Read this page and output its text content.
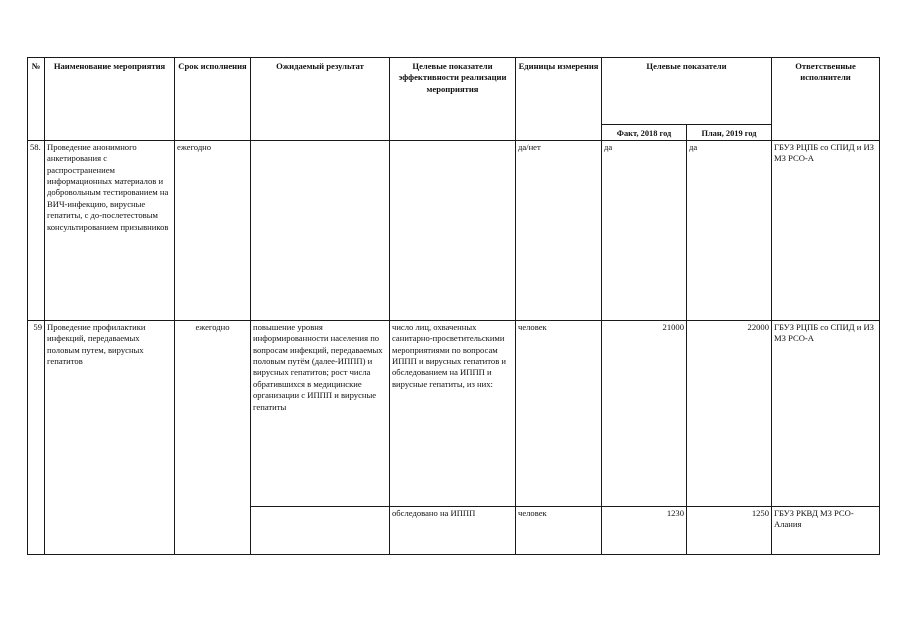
№	Наименование мероприятия	Срок исполнения	Ожидаемый результат	Целевые показатели эффективности реализации мероприятия	Единицы измерения	Целевые показатели		Ответственные исполнители
						Факт, 2018 год	План, 2019 год	
58.	Проведение анонимного анкетирования с распространением информационных материалов и добровольным тестированием на ВИЧ-инфекцию, вирусные гепатиты, с до-послетестовым консультированием призывников	ежегодно			да/нет	да	да	ГБУЗ РЦПБ со СПИД и ИЗ МЗ РСО-А
59	Проведение профилактики инфекций, передаваемых половым путем, вирусных гепатитов	ежегодно	повышение уровня информированности населения по вопросам инфекций, передаваемых половым путём (далее-ИППП) и вирусных гепатитов; рост числа обратившихся в медицинские организации с ИППП и вирусные гепатиты	число лиц, охваченных санитарно-просветительскими мероприятиями по вопросам ИППП и вирусных гепатитов и обследованием на ИППП и вирусные гепатиты, из них:	человек	21000	22000	ГБУЗ РЦПБ со СПИД и ИЗ МЗ РСО-А
				обследовано на ИППП	человек	1230	1250	ГБУЗ РКВД МЗ РСО-Алания
